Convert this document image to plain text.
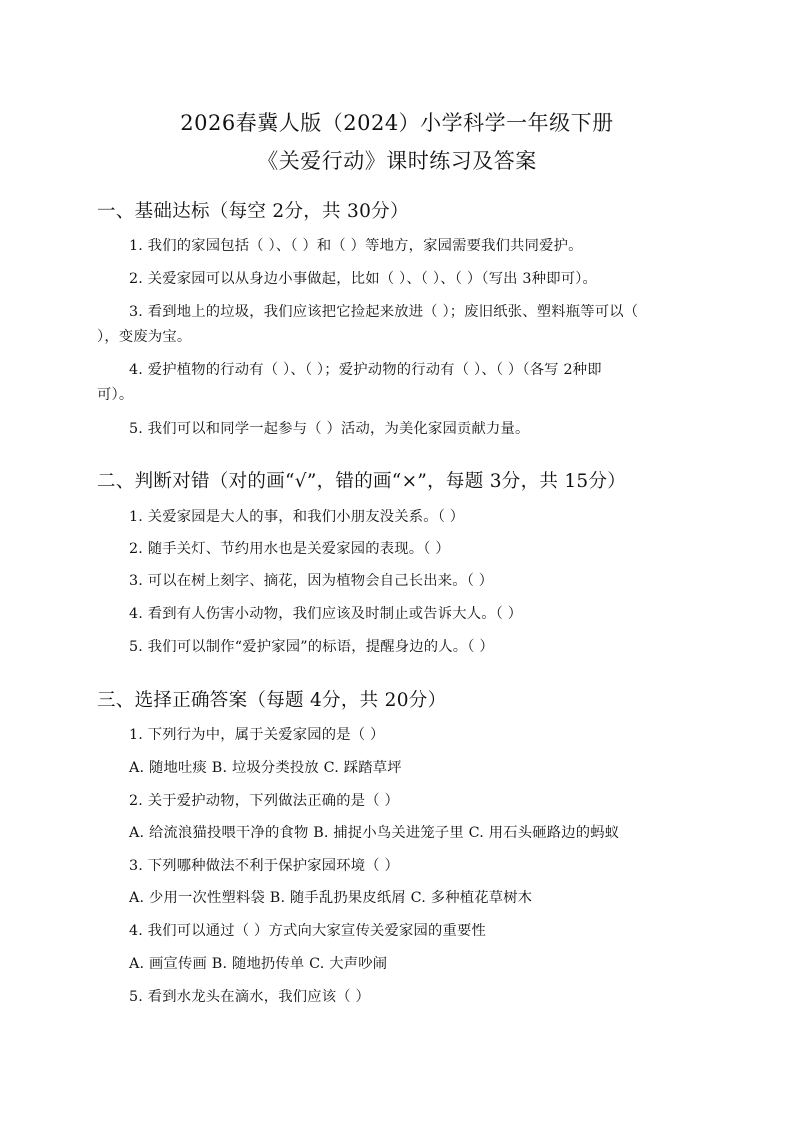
2026春冀人版（2024）小学科学一年级下册
《关爱行动》课时练习及答案
一、基础达标（每空 2分，共 30分）
1. 我们的家园包括（ ）、（ ）和（ ）等地方，家园需要我们共同爱护。
2. 关爱家园可以从身边小事做起，比如（ ）、（ ）、（ ）（写出 3种即可）。
3. 看到地上的垃圾，我们应该把它捡起来放进（ ）；废旧纸张、塑料瓶等可以（
），变废为宝。
4. 爱护植物的行动有（ ）、（ ）；爱护动物的行动有（ ）、（ ）（各写 2种即
可）。
5. 我们可以和同学一起参与（ ）活动，为美化家园贡献力量。
二、判断对错（对的画“√”，错的画“×”，每题 3分，共 15分）
1. 关爱家园是大人的事，和我们小朋友没关系。（ ）
2. 随手关灯、节约用水也是关爱家园的表现。（ ）
3. 可以在树上刻字、摘花，因为植物会自己长出来。（ ）
4. 看到有人伤害小动物，我们应该及时制止或告诉大人。（ ）
5. 我们可以制作“爱护家园”的标语，提醒身边的人。（ ）
三、选择正确答案（每题 4分，共 20分）
1. 下列行为中，属于关爱家园的是（ ）
A. 随地吐痰 B. 垃圾分类投放 C. 踩踏草坪
2. 关于爱护动物，下列做法正确的是（ ）
A. 给流浪猫投喂干净的食物 B. 捕捉小鸟关进笼子里 C. 用石头砸路边的蚂蚁
3. 下列哪种做法不利于保护家园环境（ ）
A. 少用一次性塑料袋 B. 随手乱扔果皮纸屑 C. 多种植花草树木
4. 我们可以通过（ ）方式向大家宣传关爱家园的重要性
A. 画宣传画 B. 随地扔传单 C. 大声吵闹
5. 看到水龙头在滴水，我们应该（ ）
